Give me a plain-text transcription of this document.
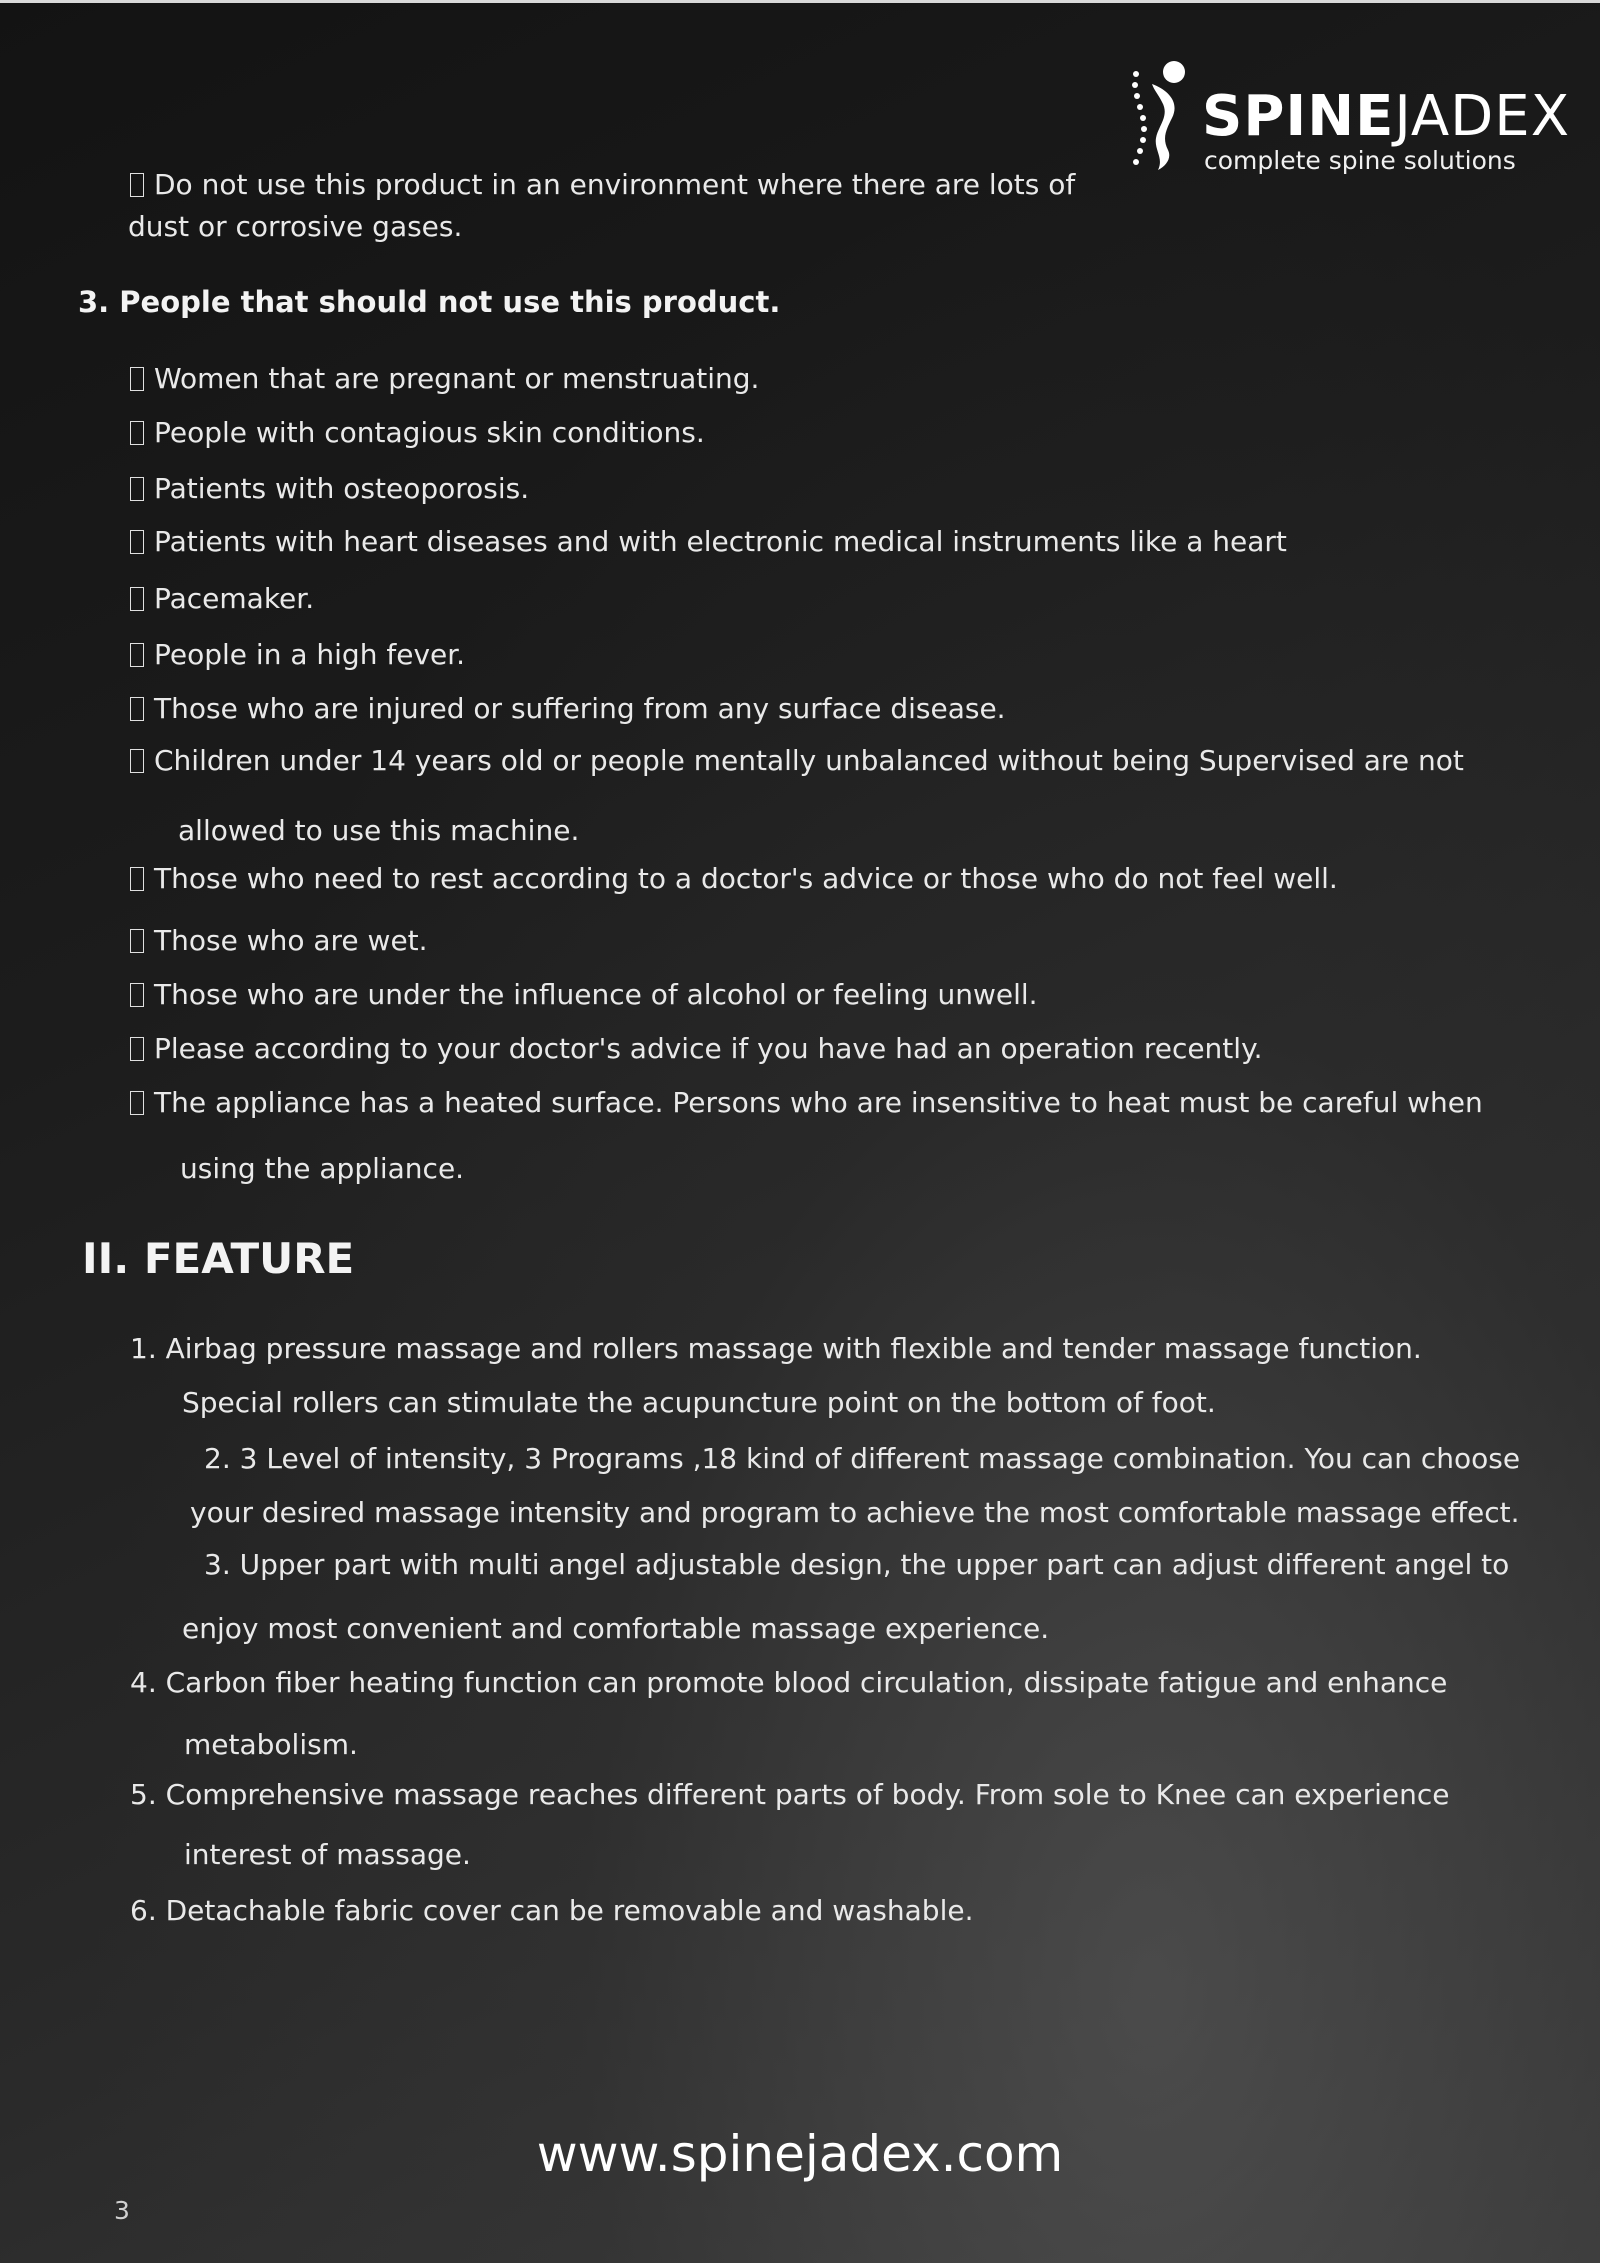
SPINEJADEX
complete spine solutions
Do not use this product in an environment where there are lots of
dust or corrosive gases.
3. People that should not use this product.
Women that are pregnant or menstruating.
People with contagious skin conditions.
Patients with osteoporosis.
Patients with heart diseases and with electronic medical instruments like a heart
Pacemaker.
People in a high fever.
Those who are injured or suffering from any surface disease.
Children under 14 years old or people mentally unbalanced without being Supervised are not
allowed to use this machine.
Those who need to rest according to a doctor's advice or those who do not feel well.
Those who are wet.
Those who are under the influence of alcohol or feeling unwell.
Please according to your doctor's advice if you have had an operation recently.
The appliance has a heated surface. Persons who are insensitive to heat must be careful when
using the appliance.
II. FEATURE
1. Airbag pressure massage and rollers massage with flexible and tender massage function.
Special rollers can stimulate the acupuncture point on the bottom of foot.
2. 3 Level of intensity, 3 Programs ,18 kind of different massage combination. You can choose
your desired massage intensity and program to achieve the most comfortable massage effect.
3. Upper part with multi angel adjustable design, the upper part can adjust different angel to
enjoy most convenient and comfortable massage experience.
4. Carbon fiber heating function can promote blood circulation, dissipate fatigue and enhance
metabolism.
5. Comprehensive massage reaches different parts of body. From sole to Knee can experience
interest of massage.
6. Detachable fabric cover can be removable and washable.
www.spinejadex.com
3
